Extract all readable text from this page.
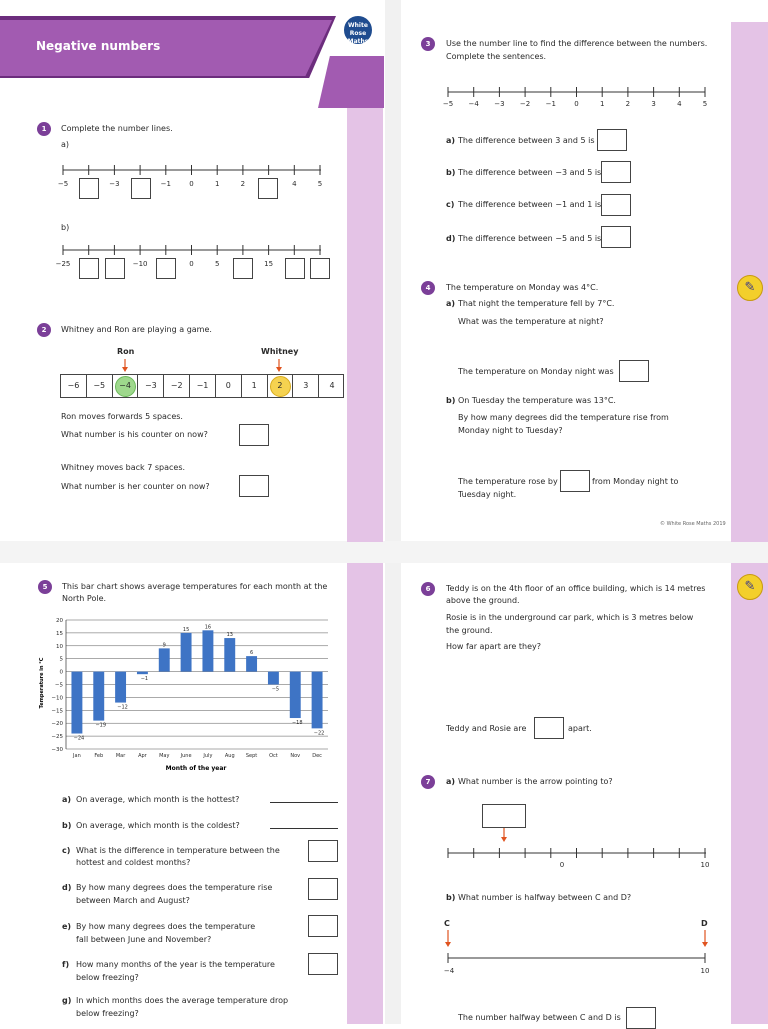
Negative numbers
White Rose Maths
1	Complete the number lines.
a)
−5	−3	−1	0	1	2	4	5
b)
−25	−10	0	5	15
2	Whitney and Ron are playing a game.
Ron	Whitney
−6	−5	−4	−3	−2	−1	0	1	2	3	4
Ron moves forwards 5 spaces.
What number is his counter on now?
Whitney moves back 7 spaces.
What number is her counter on now?
3	Use the number line to find the difference between the numbers.
Complete the sentences.
−5 −4 −3 −2 −1	0	1	2	3	4	5
a) The difference between 3 and 5 is
b) The difference between −3 and 5 is
c) The difference between −1 and 1 is
d) The difference between −5 and 5 is
4	✎
The temperature on Monday was 4°C.
a) That night the temperature fell by 7°C.
What was the temperature at night?
The temperature on Monday night was
b) On Tuesday the temperature was 13°C.
By how many degrees did the temperature rise from
Monday night to Tuesday?
The temperature rose by	from Monday night to
Tuesday night.
© White Rose Maths 2019
5	This bar chart shows average temperatures for each month at the
North Pole.
20
15
10
5
0
−5
−10
−15
−20
−25
−30
Jan	Feb	Mar	Apr May June July Aug Sept Oct	Nov Dec
−24
−19
−12
−1
9
15	16
13
6
−5
−18
−22
Temperature in °C
Month of the year
a) On average, which month is the hottest?
b) On average, which month is the coldest?
c) What is the difference in temperature between the
hottest and coldest months?
d) By how many degrees does the temperature rise
between March and August?
e) By how many degrees does the temperature
fall between June and November?
f) How many months of the year is the temperature
below freezing?
g) In which months does the average temperature drop
below freezing?
6	✎
Teddy is on the 4th floor of an office building, which is 14 metres
above the ground.
Rosie is in the underground car park, which is 3 metres below
the ground.
How far apart are they?
Teddy and Rosie are	apart.
7	a) What number is the arrow pointing to?
0	10
b) What number is halfway between C and D?
C	D
−4	10
The number halfway between C and D is
